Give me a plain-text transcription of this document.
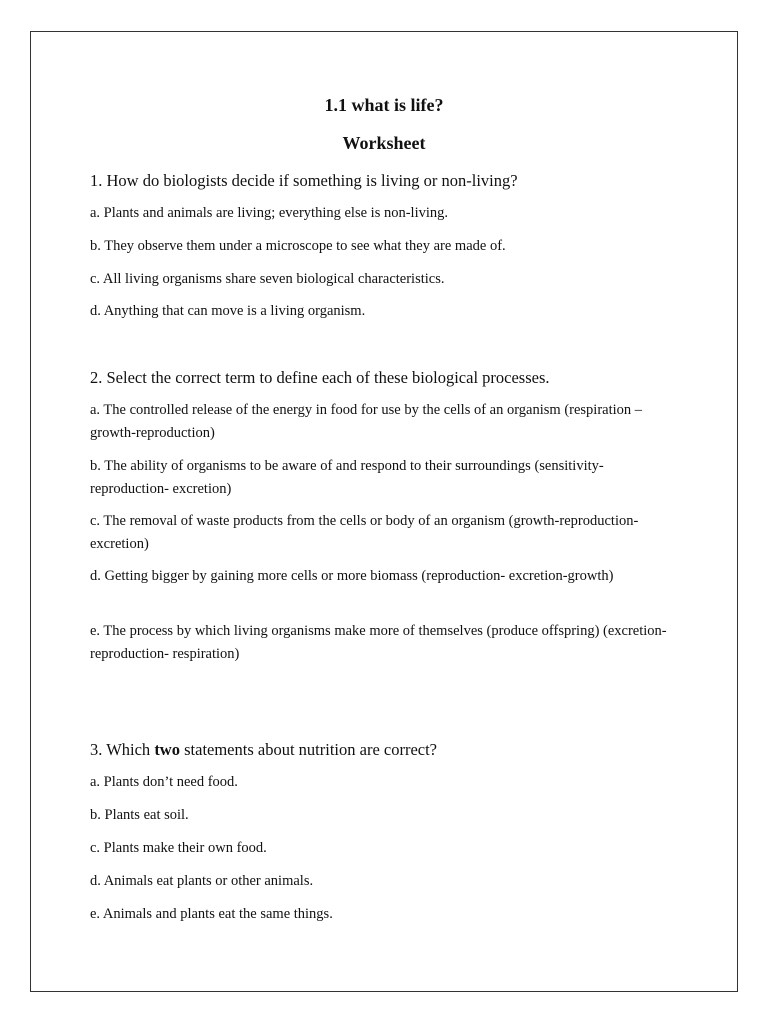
1.1 what is life?
Worksheet

1. How do biologists decide if something is living or non-living?

a. Plants and animals are living; everything else is non-living.

b. They observe them under a microscope to see what they are made of.

c. All living organisms share seven biological characteristics.

d. Anything that can move is a living organism.

2. Select the correct term to define each of these biological processes.

a. The controlled release of the energy in food for use by the cells of an organism (respiration – growth-reproduction)

b. The ability of organisms to be aware of and respond to their surroundings (sensitivity-reproduction- excretion)

c. The removal of waste products from the cells or body of an organism (growth-reproduction- excretion)

d. Getting bigger by gaining more cells or more biomass (reproduction- excretion-growth)

e. The process by which living organisms make more of themselves (produce offspring) (excretion- reproduction- respiration)

3. Which two statements about nutrition are correct?

a. Plants don’t need food.

b. Plants eat soil.

c. Plants make their own food.

d. Animals eat plants or other animals.

e. Animals and plants eat the same things.
